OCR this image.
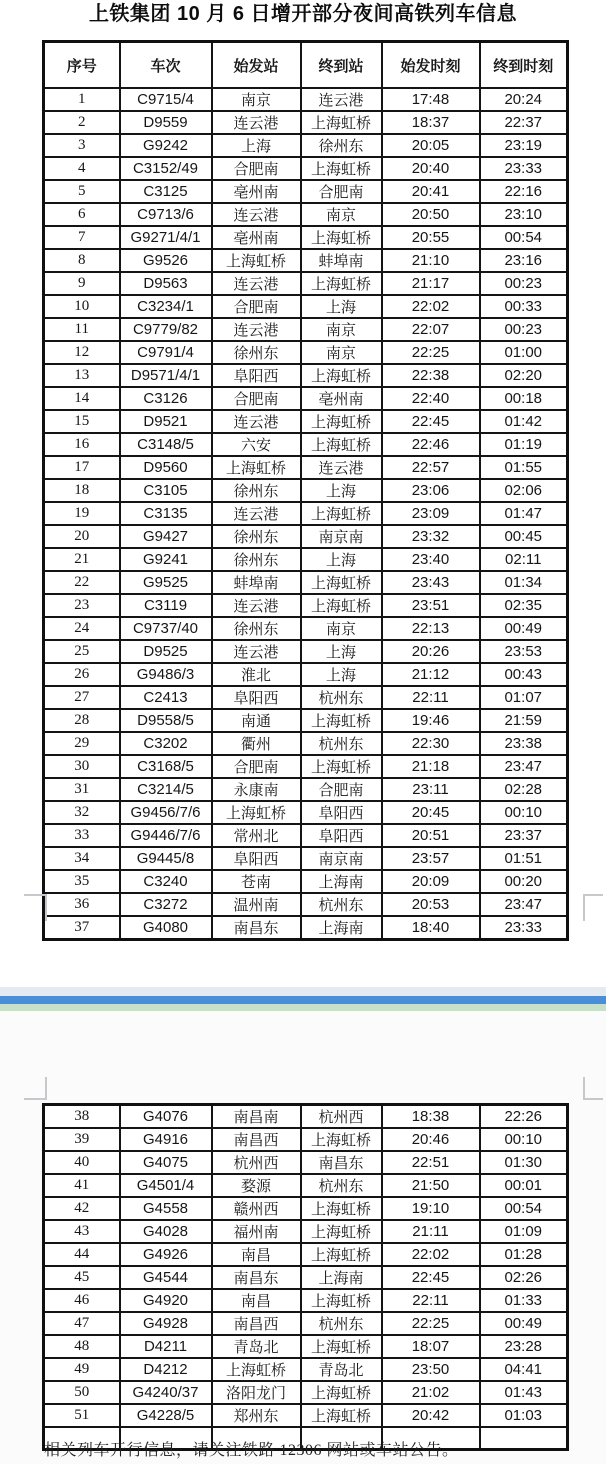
上铁集团 10 月 6 日增开部分夜间高铁列车信息
序号	车次	始发站	终到站	始发时刻	终到时刻
1	C9715/4	南京	连云港	17:48	20:24
2	D9559	连云港	上海虹桥	18:37	22:37
3	G9242	上海	徐州东	20:05	23:19
4	C3152/49	合肥南	上海虹桥	20:40	23:33
5	C3125	亳州南	合肥南	20:41	22:16
6	C9713/6	连云港	南京	20:50	23:10
7	G9271/4/1	亳州南	上海虹桥	20:55	00:54
8	G9526	上海虹桥	蚌埠南	21:10	23:16
9	D9563	连云港	上海虹桥	21:17	00:23
10	C3234/1	合肥南	上海	22:02	00:33
11	C9779/82	连云港	南京	22:07	00:23
12	C9791/4	徐州东	南京	22:25	01:00
13	D9571/4/1	阜阳西	上海虹桥	22:38	02:20
14	C3126	合肥南	亳州南	22:40	00:18
15	D9521	连云港	上海虹桥	22:45	01:42
16	C3148/5	六安	上海虹桥	22:46	01:19
17	D9560	上海虹桥	连云港	22:57	01:55
18	C3105	徐州东	上海	23:06	02:06
19	C3135	连云港	上海虹桥	23:09	01:47
20	G9427	徐州东	南京南	23:32	00:45
21	G9241	徐州东	上海	23:40	02:11
22	G9525	蚌埠南	上海虹桥	23:43	01:34
23	C3119	连云港	上海虹桥	23:51	02:35
24	C9737/40	徐州东	南京	22:13	00:49
25	D9525	连云港	上海	20:26	23:53
26	G9486/3	淮北	上海	21:12	00:43
27	C2413	阜阳西	杭州东	22:11	01:07
28	D9558/5	南通	上海虹桥	19:46	21:59
29	C3202	衢州	杭州东	22:30	23:38
30	C3168/5	合肥南	上海虹桥	21:18	23:47
31	C3214/5	永康南	合肥南	23:11	02:28
32	G9456/7/6	上海虹桥	阜阳西	20:45	00:10
33	G9446/7/6	常州北	阜阳西	20:51	23:37
34	G9445/8	阜阳西	南京南	23:57	01:51
35	C3240	苍南	上海南	20:09	00:20
36	C3272	温州南	杭州东	20:53	23:47
37	G4080	南昌东	上海南	18:40	23:33
38	G4076	南昌南	杭州西	18:38	22:26
39	G4916	南昌西	上海虹桥	20:46	00:10
40	G4075	杭州西	南昌东	22:51	01:30
41	G4501/4	婺源	杭州东	21:50	00:01
42	G4558	赣州西	上海虹桥	19:10	00:54
43	G4028	福州南	上海虹桥	21:11	01:09
44	G4926	南昌	上海虹桥	22:02	01:28
45	G4544	南昌东	上海南	22:45	02:26
46	G4920	南昌	上海虹桥	22:11	01:33
47	G4928	南昌西	杭州东	22:25	00:49
48	D4211	青岛北	上海虹桥	18:07	23:28
49	D4212	上海虹桥	青岛北	23:50	04:41
50	G4240/37	洛阳龙门	上海虹桥	21:02	01:43
51	G4228/5	郑州东	上海虹桥	20:42	01:03

相关列车开行信息，请关注铁路 12306 网站或车站公告。
